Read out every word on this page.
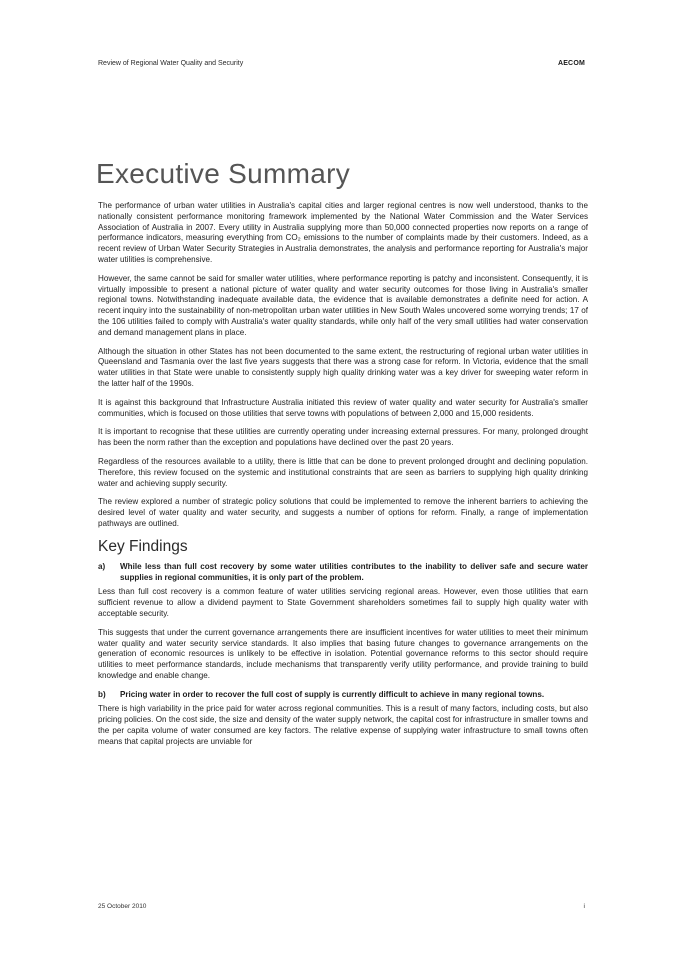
Review of Regional Water Quality and Security	AECOM
Executive Summary

The performance of urban water utilities in Australia's capital cities and larger regional centres is now well understood, thanks to the nationally consistent performance monitoring framework implemented by the National Water Commission and the Water Services Association of Australia in 2007. Every utility in Australia supplying more than 50,000 connected properties now reports on a range of performance indicators, measuring everything from CO₂ emissions to the number of complaints made by their customers. Indeed, as a recent review of Urban Water Security Strategies in Australia demonstrates, the analysis and performance reporting for Australia's major water utilities is comprehensive.

However, the same cannot be said for smaller water utilities, where performance reporting is patchy and inconsistent. Consequently, it is virtually impossible to present a national picture of water quality and water security outcomes for those living in Australia's smaller regional towns. Notwithstanding inadequate available data, the evidence that is available demonstrates a definite need for action. A recent inquiry into the sustainability of non-metropolitan urban water utilities in New South Wales uncovered some worrying trends; 17 of the 106 utilities failed to comply with Australia's water quality standards, while only half of the very small utilities had water conservation and demand management plans in place.

Although the situation in other States has not been documented to the same extent, the restructuring of regional urban water utilities in Queensland and Tasmania over the last five years suggests that there was a strong case for reform. In Victoria, evidence that the small water utilities in that State were unable to consistently supply high quality drinking water was a key driver for sweeping water reform in the latter half of the 1990s.

It is against this background that Infrastructure Australia initiated this review of water quality and water security for Australia's smaller communities, which is focused on those utilities that serve towns with populations of between 2,000 and 15,000 residents.

It is important to recognise that these utilities are currently operating under increasing external pressures. For many, prolonged drought has been the norm rather than the exception and populations have declined over the past 20 years.

Regardless of the resources available to a utility, there is little that can be done to prevent prolonged drought and declining population. Therefore, this review focused on the systemic and institutional constraints that are seen as barriers to supplying high quality drinking water and achieving supply security.

The review explored a number of strategic policy solutions that could be implemented to remove the inherent barriers to achieving the desired level of water quality and water security, and suggests a number of options for reform. Finally, a range of implementation pathways are outlined.

Key Findings
a)	While less than full cost recovery by some water utilities contributes to the inability to deliver safe and secure water supplies in regional communities, it is only part of the problem.

Less than full cost recovery is a common feature of water utilities servicing regional areas. However, even those utilities that earn sufficient revenue to allow a dividend payment to State Government shareholders sometimes fail to supply high quality water with acceptable security.

This suggests that under the current governance arrangements there are insufficient incentives for water utilities to meet their minimum water quality and water security service standards. It also implies that basing future changes to governance arrangements on the generation of economic resources is unlikely to be effective in isolation. Potential governance reforms to this sector should require utilities to meet performance standards, include mechanisms that transparently verify utility performance, and provide training to build knowledge and enable change.

b)	Pricing water in order to recover the full cost of supply is currently difficult to achieve in many regional towns.

There is high variability in the price paid for water across regional communities. This is a result of many factors, including costs, but also pricing policies. On the cost side, the size and density of the water supply network, the capital cost for infrastructure in smaller towns and the per capita volume of water consumed are key factors. The relative expense of supplying water infrastructure to small towns often means that capital projects are unviable for

25 October 2010	i
